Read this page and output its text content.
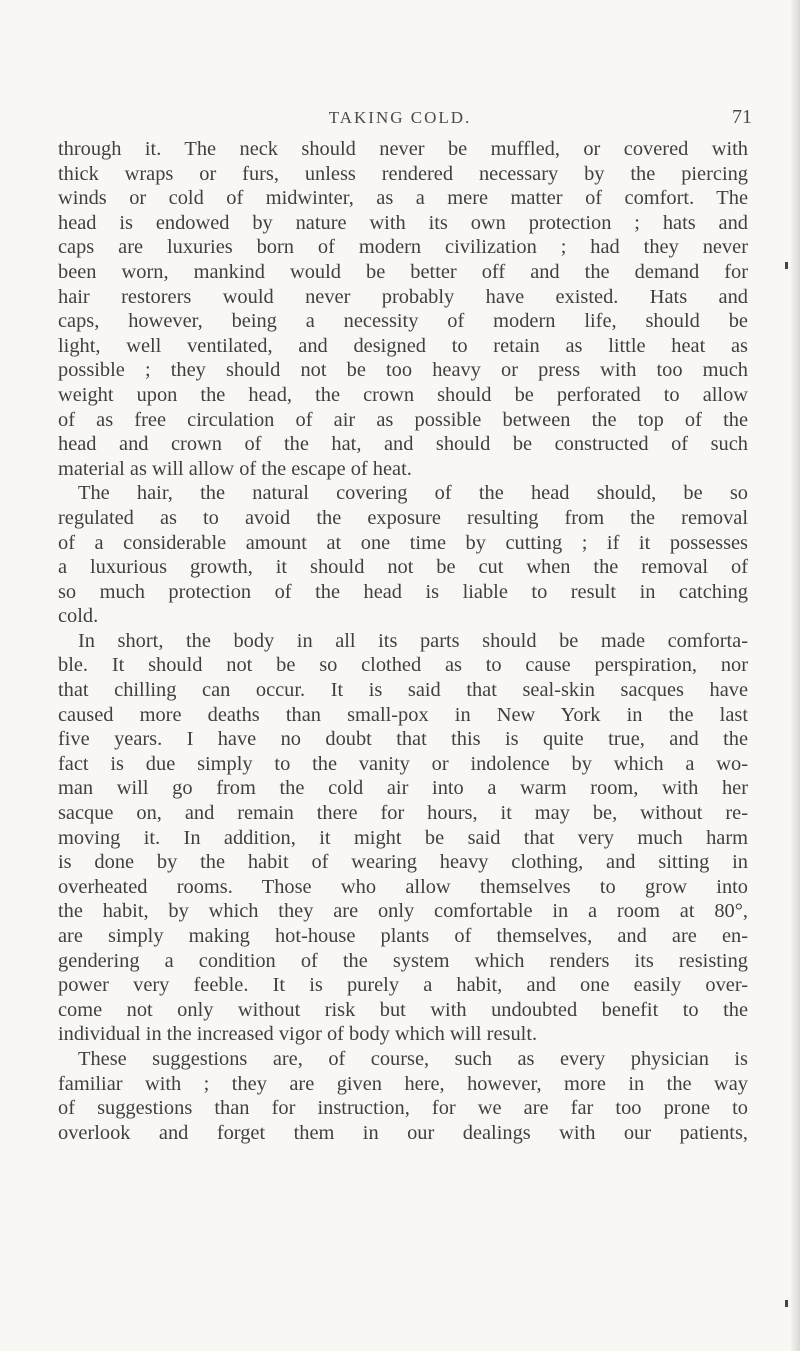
TAKING COLD.	71
through it. The neck should never be muffled, or covered with
thick wraps or furs, unless rendered necessary by the piercing
winds or cold of midwinter, as a mere matter of comfort. The
head is endowed by nature with its own protection ; hats and
caps are luxuries born of modern civilization ; had they never
been worn, mankind would be better off and the demand for
hair restorers would never probably have existed. Hats and
caps, however, being a necessity of modern life, should be
light, well ventilated, and designed to retain as little heat as
possible ; they should not be too heavy or press with too much
weight upon the head, the crown should be perforated to allow
of as free circulation of air as possible between the top of the
head and crown of the hat, and should be constructed of such
material as will allow of the escape of heat.
The hair, the natural covering of the head should, be so
regulated as to avoid the exposure resulting from the removal
of a considerable amount at one time by cutting ; if it possesses
a luxurious growth, it should not be cut when the removal of
so much protection of the head is liable to result in catching
cold.
In short, the body in all its parts should be made comforta-
ble. It should not be so clothed as to cause perspiration, nor
that chilling can occur. It is said that seal-skin sacques have
caused more deaths than small-pox in New York in the last
five years. I have no doubt that this is quite true, and the
fact is due simply to the vanity or indolence by which a wo-
man will go from the cold air into a warm room, with her
sacque on, and remain there for hours, it may be, without re-
moving it. In addition, it might be said that very much harm
is done by the habit of wearing heavy clothing, and sitting in
overheated rooms. Those who allow themselves to grow into
the habit, by which they are only comfortable in a room at 80°,
are simply making hot-house plants of themselves, and are en-
gendering a condition of the system which renders its resisting
power very feeble. It is purely a habit, and one easily over-
come not only without risk but with undoubted benefit to the
individual in the increased vigor of body which will result.
These suggestions are, of course, such as every physician is
familiar with ; they are given here, however, more in the way
of suggestions than for instruction, for we are far too prone to
overlook and forget them in our dealings with our patients,
